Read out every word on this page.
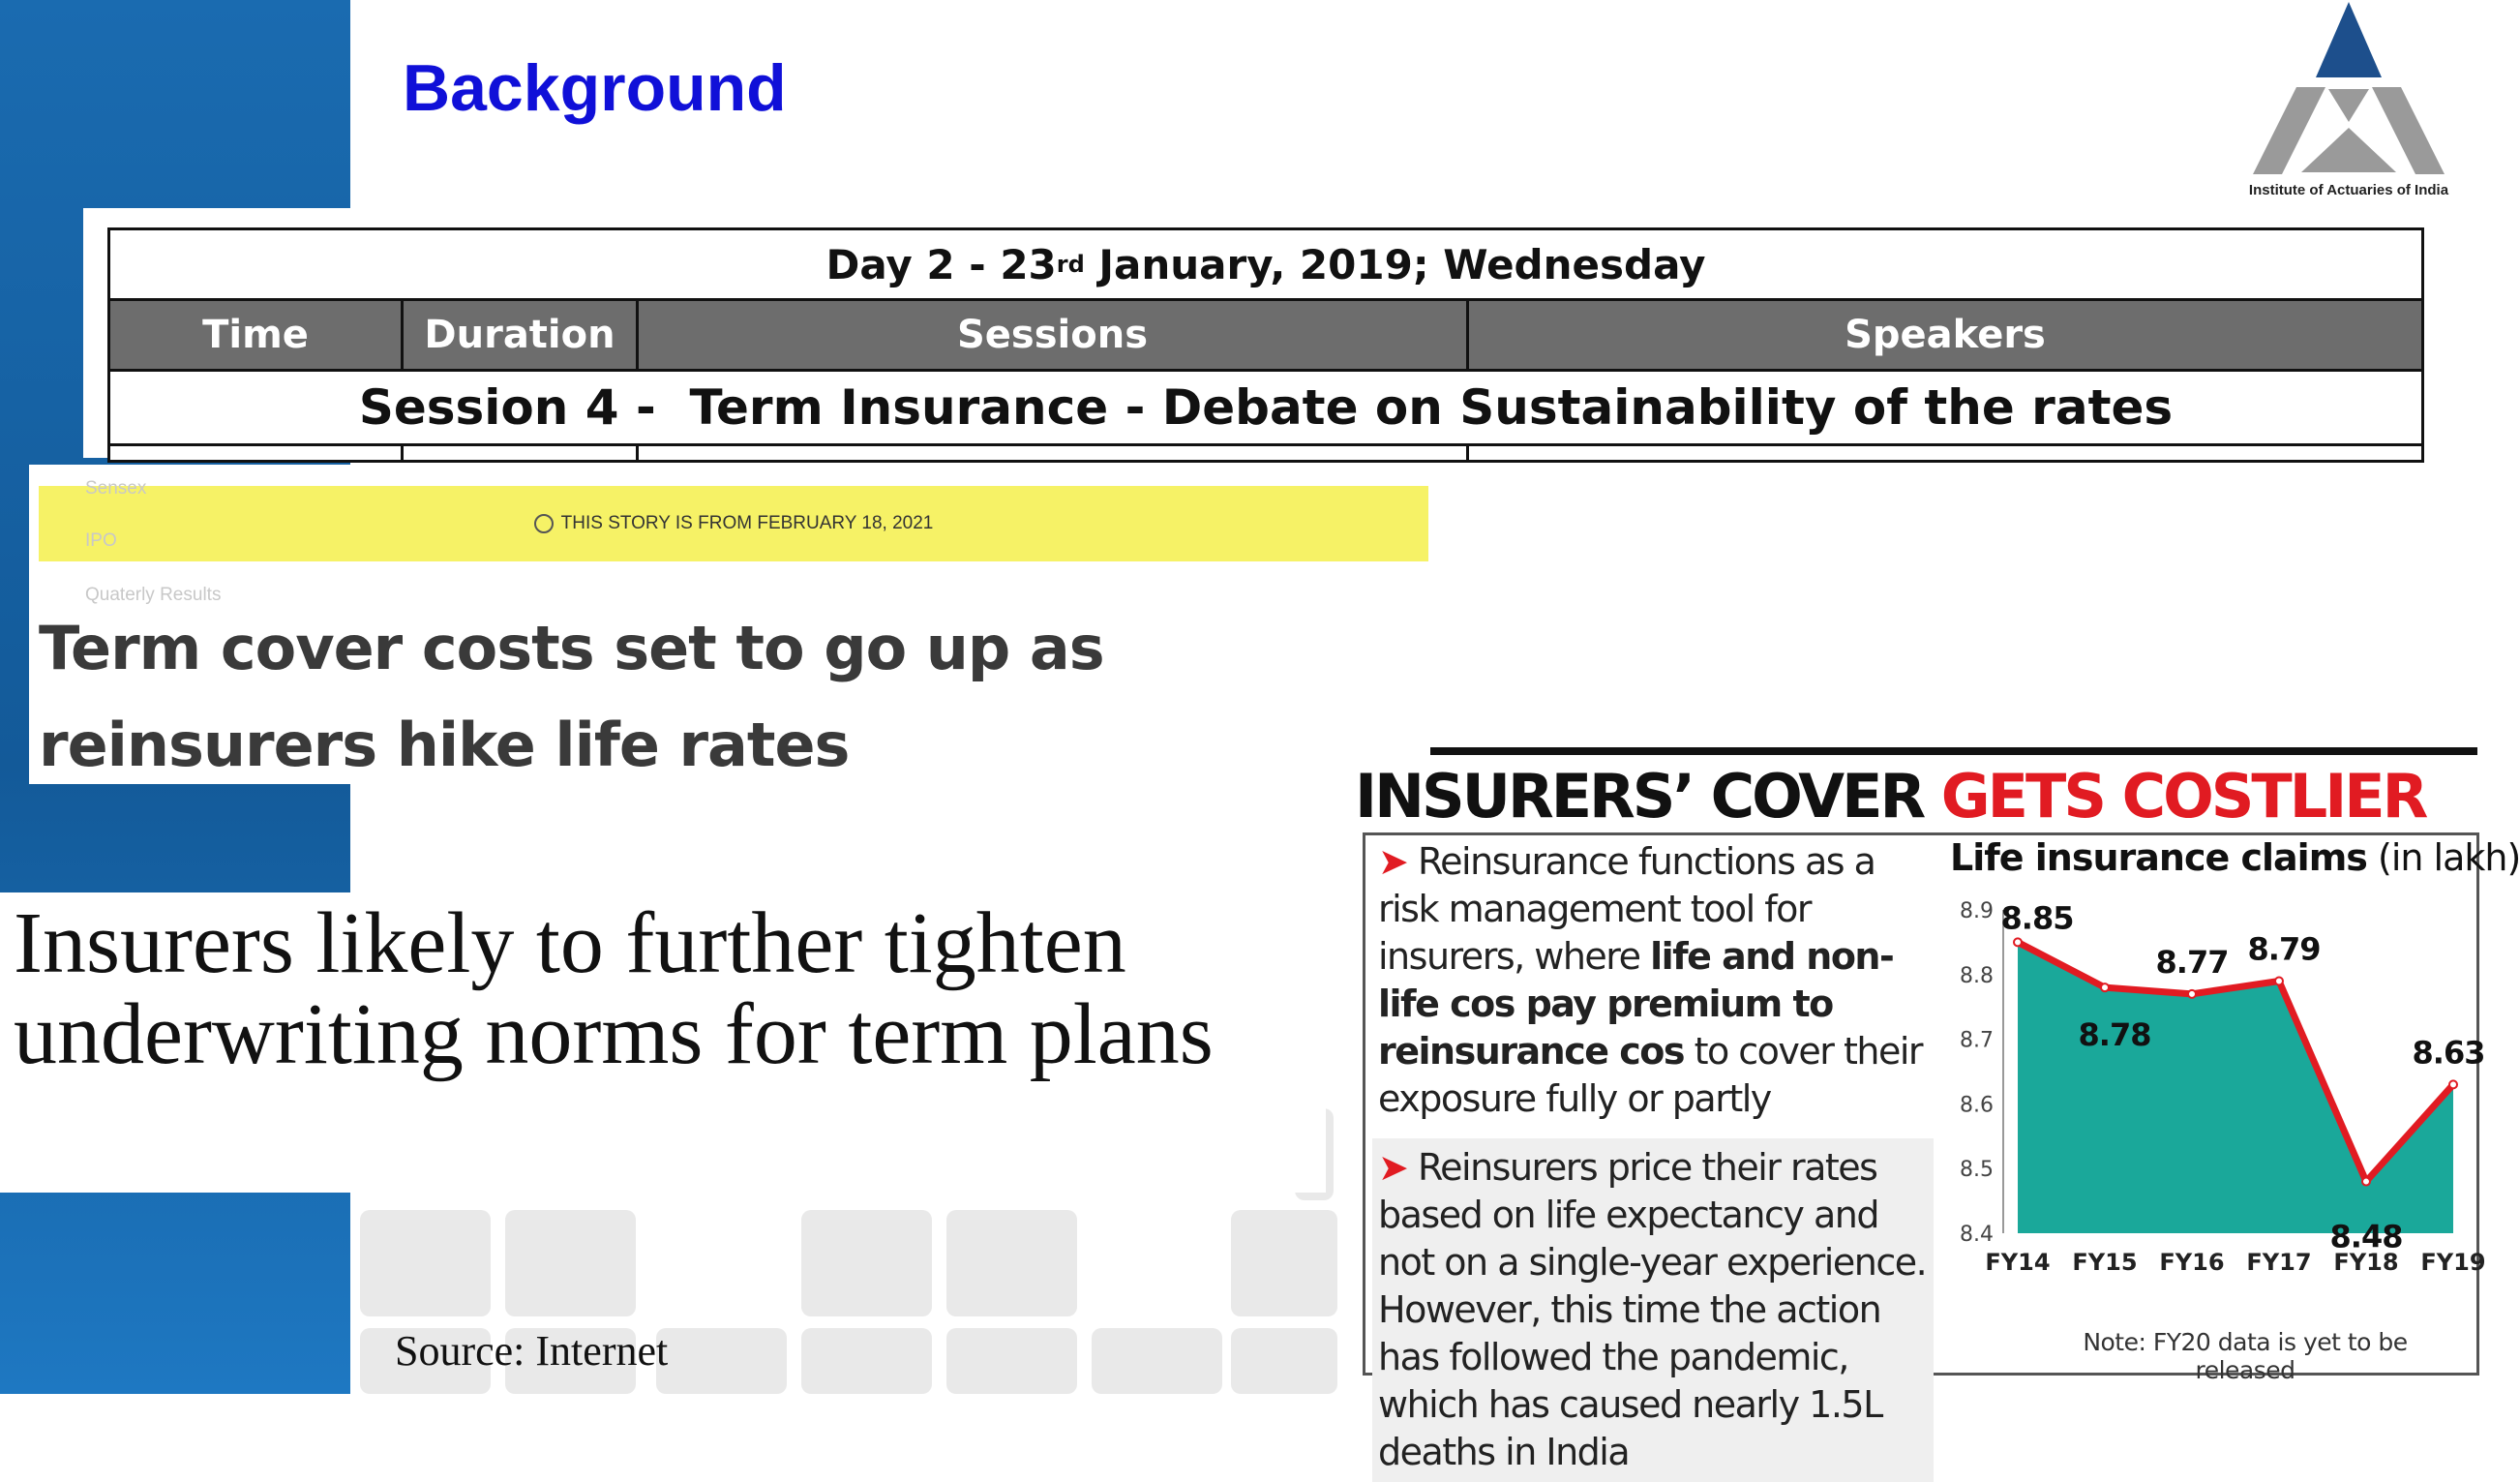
Background
Institute of Actuaries of India
Day 2 - 23 rd January, 2019; Wednesday
Time	Duration	Sessions	Speakers
Session 4 -  Term Insurance - Debate on Sustainability of the rates
THIS STORY IS FROM FEBRUARY 18, 2021
Sensex
IPO
Quaterly Results
Term cover costs set to go up as reinsurers hike life rates
Insurers likely to further tighten underwriting norms for term plans
Source: Internet
INSURERS’ COVER GETS COSTLIER
➤ Reinsurance functions as a risk management tool for insurers, where life and non-life cos pay premium to reinsurance cos to cover their exposure fully or partly
➤ Reinsurers price their rates based on life expectancy and not on a single-year experience. However, this time the action has followed the pandemic, which has caused nearly 1.5L deaths in India
Life insurance claims (in lakh)
8.9
8.8
8.7
8.6
8.5
8.4
8.85
8.78
8.77 8.79
8.48
8.63
FY14 FY15 FY16 FY17 FY18 FY19
Note: FY20 data is yet to be released
